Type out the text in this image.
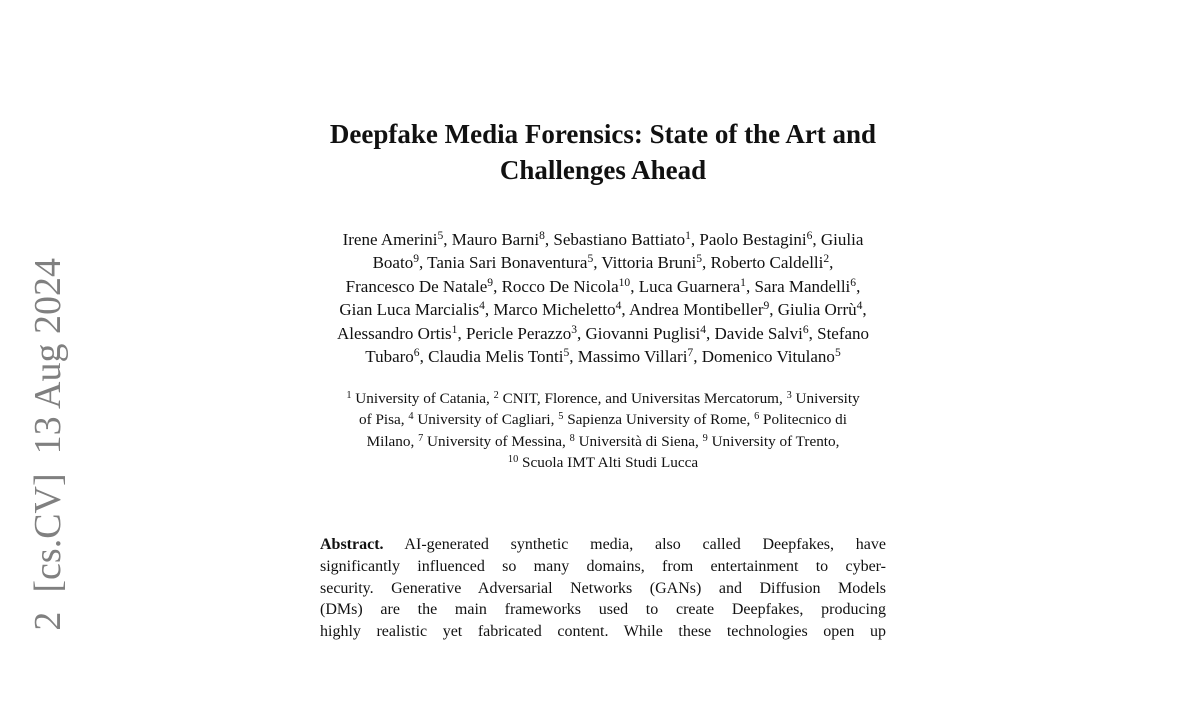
2  [cs.CV]  13 Aug 2024
Deepfake Media Forensics: State of the Art and
Challenges Ahead
Irene Amerini$^5$, Mauro Barni$^8$, Sebastiano Battiato$^1$, Paolo Bestagini$^6$, Giulia
Boato$^9$, Tania Sari Bonaventura$^5$, Vittoria Bruni$^5$, Roberto Caldelli$^2$,
Francesco De Natale$^9$, Rocco De Nicola$^{10}$, Luca Guarnera$^1$, Sara Mandelli$^6$,
Gian Luca Marcialis$^4$, Marco Micheletto$^4$, Andrea Montibeller$^9$, Giulia Orrù$^4$,
Alessandro Ortis$^1$, Pericle Perazzo$^3$, Giovanni Puglisi$^4$, Davide Salvi$^6$, Stefano
Tubaro$^6$, Claudia Melis Tonti$^5$, Massimo Villari$^7$, Domenico Vitulano$^5$
$^1$ University of Catania, $^2$ CNIT, Florence, and Universitas Mercatorum, $^3$ University
of Pisa, $^4$ University of Cagliari, $^5$ Sapienza University of Rome, $^6$ Politecnico di
Milano, $^7$ University of Messina, $^8$ Università di Siena, $^9$ University of Trento,
$^{10}$ Scuola IMT Alti Studi Lucca
Abstract. AI-generated synthetic media, also called Deepfakes, have
significantly influenced so many domains, from entertainment to cyber-
security. Generative Adversarial Networks (GANs) and Diffusion Models
(DMs) are the main frameworks used to create Deepfakes, producing
highly realistic yet fabricated content. While these technologies open up
